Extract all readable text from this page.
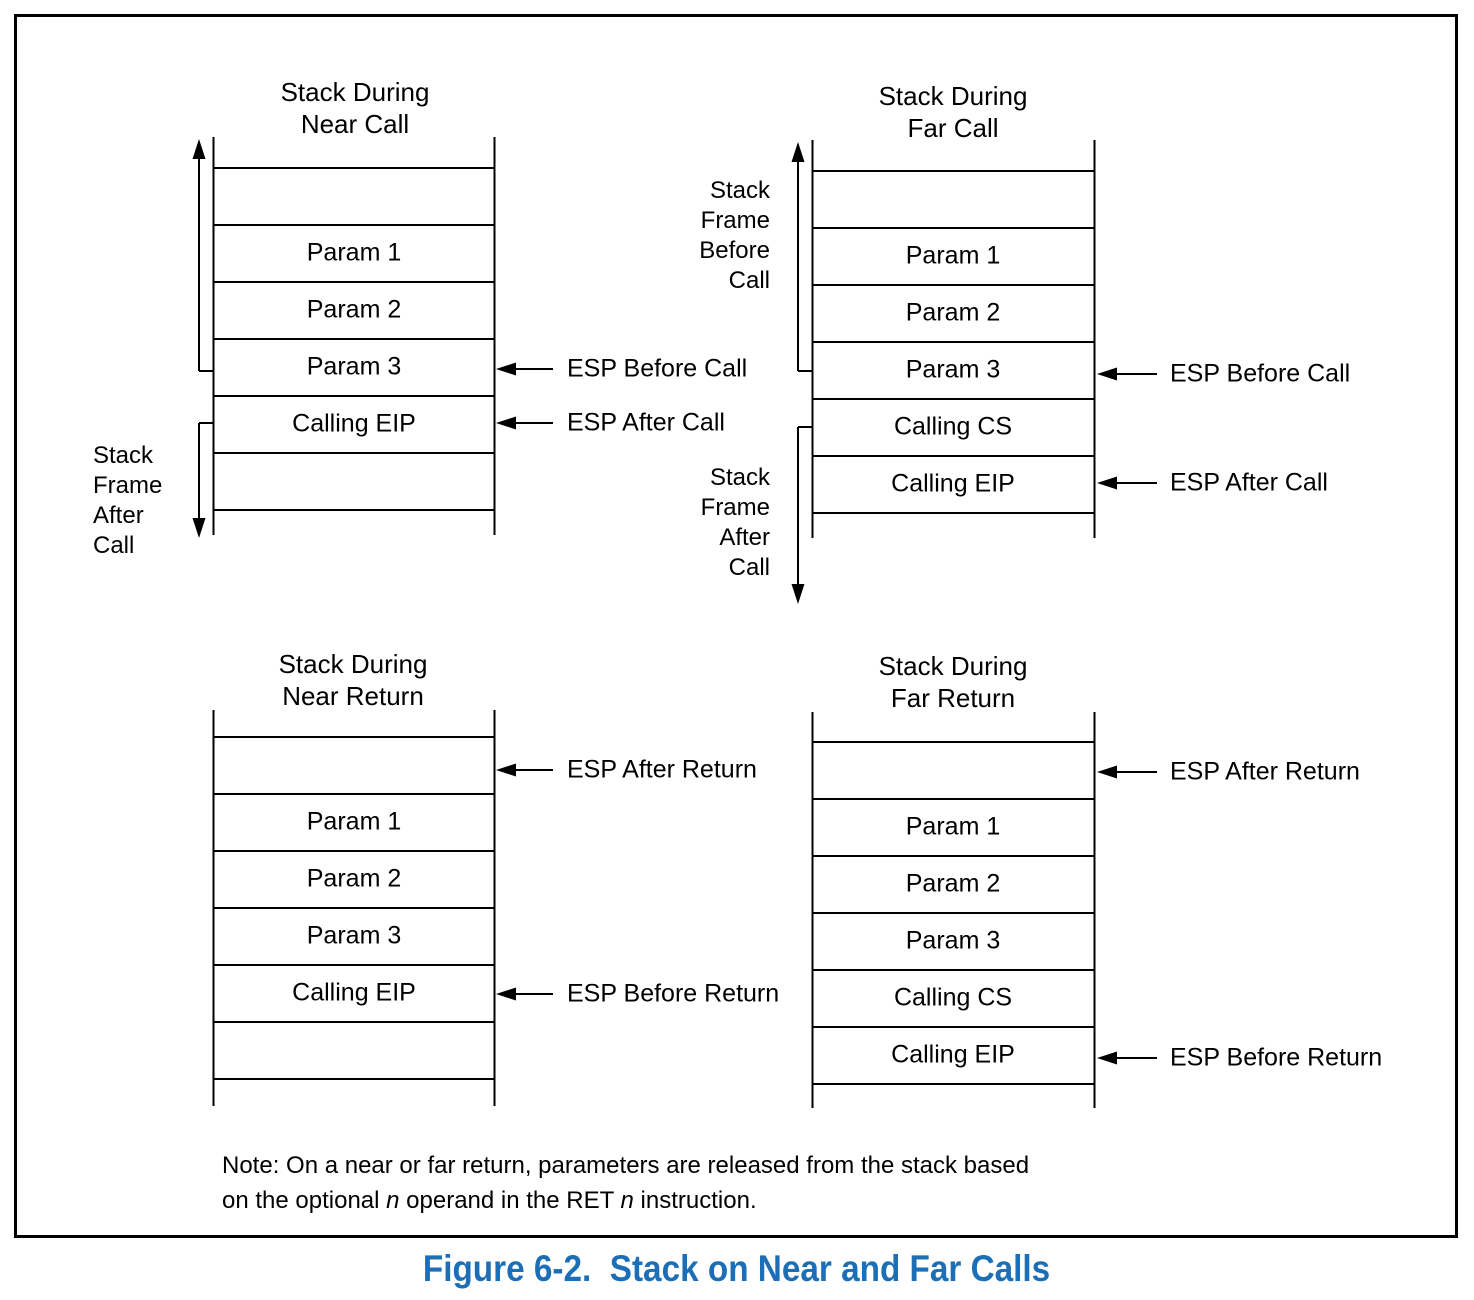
Stack During
Near Call
Stack During
Far Call
Stack During
Near Return
Stack During
Far Return
Param 1
Param 2
Param 3
Calling EIP
Param 1
Param 2
Param 3
Calling CS
Calling EIP
Param 1
Param 2
Param 3
Calling EIP
Param 1
Param 2
Param 3
Calling CS
Calling EIP
ESP Before Call
ESP After Call
ESP Before Call
ESP After Call
ESP After Return
ESP Before Return
ESP After Return
ESP Before Return
Stack
Frame
After
Call
Stack
Frame
Before
Call
Stack
Frame
After
Call
Note: On a near or far return, parameters are released from the stack based
on the optional n operand in the RET n instruction.
Figure 6-2.  Stack on Near and Far Calls
